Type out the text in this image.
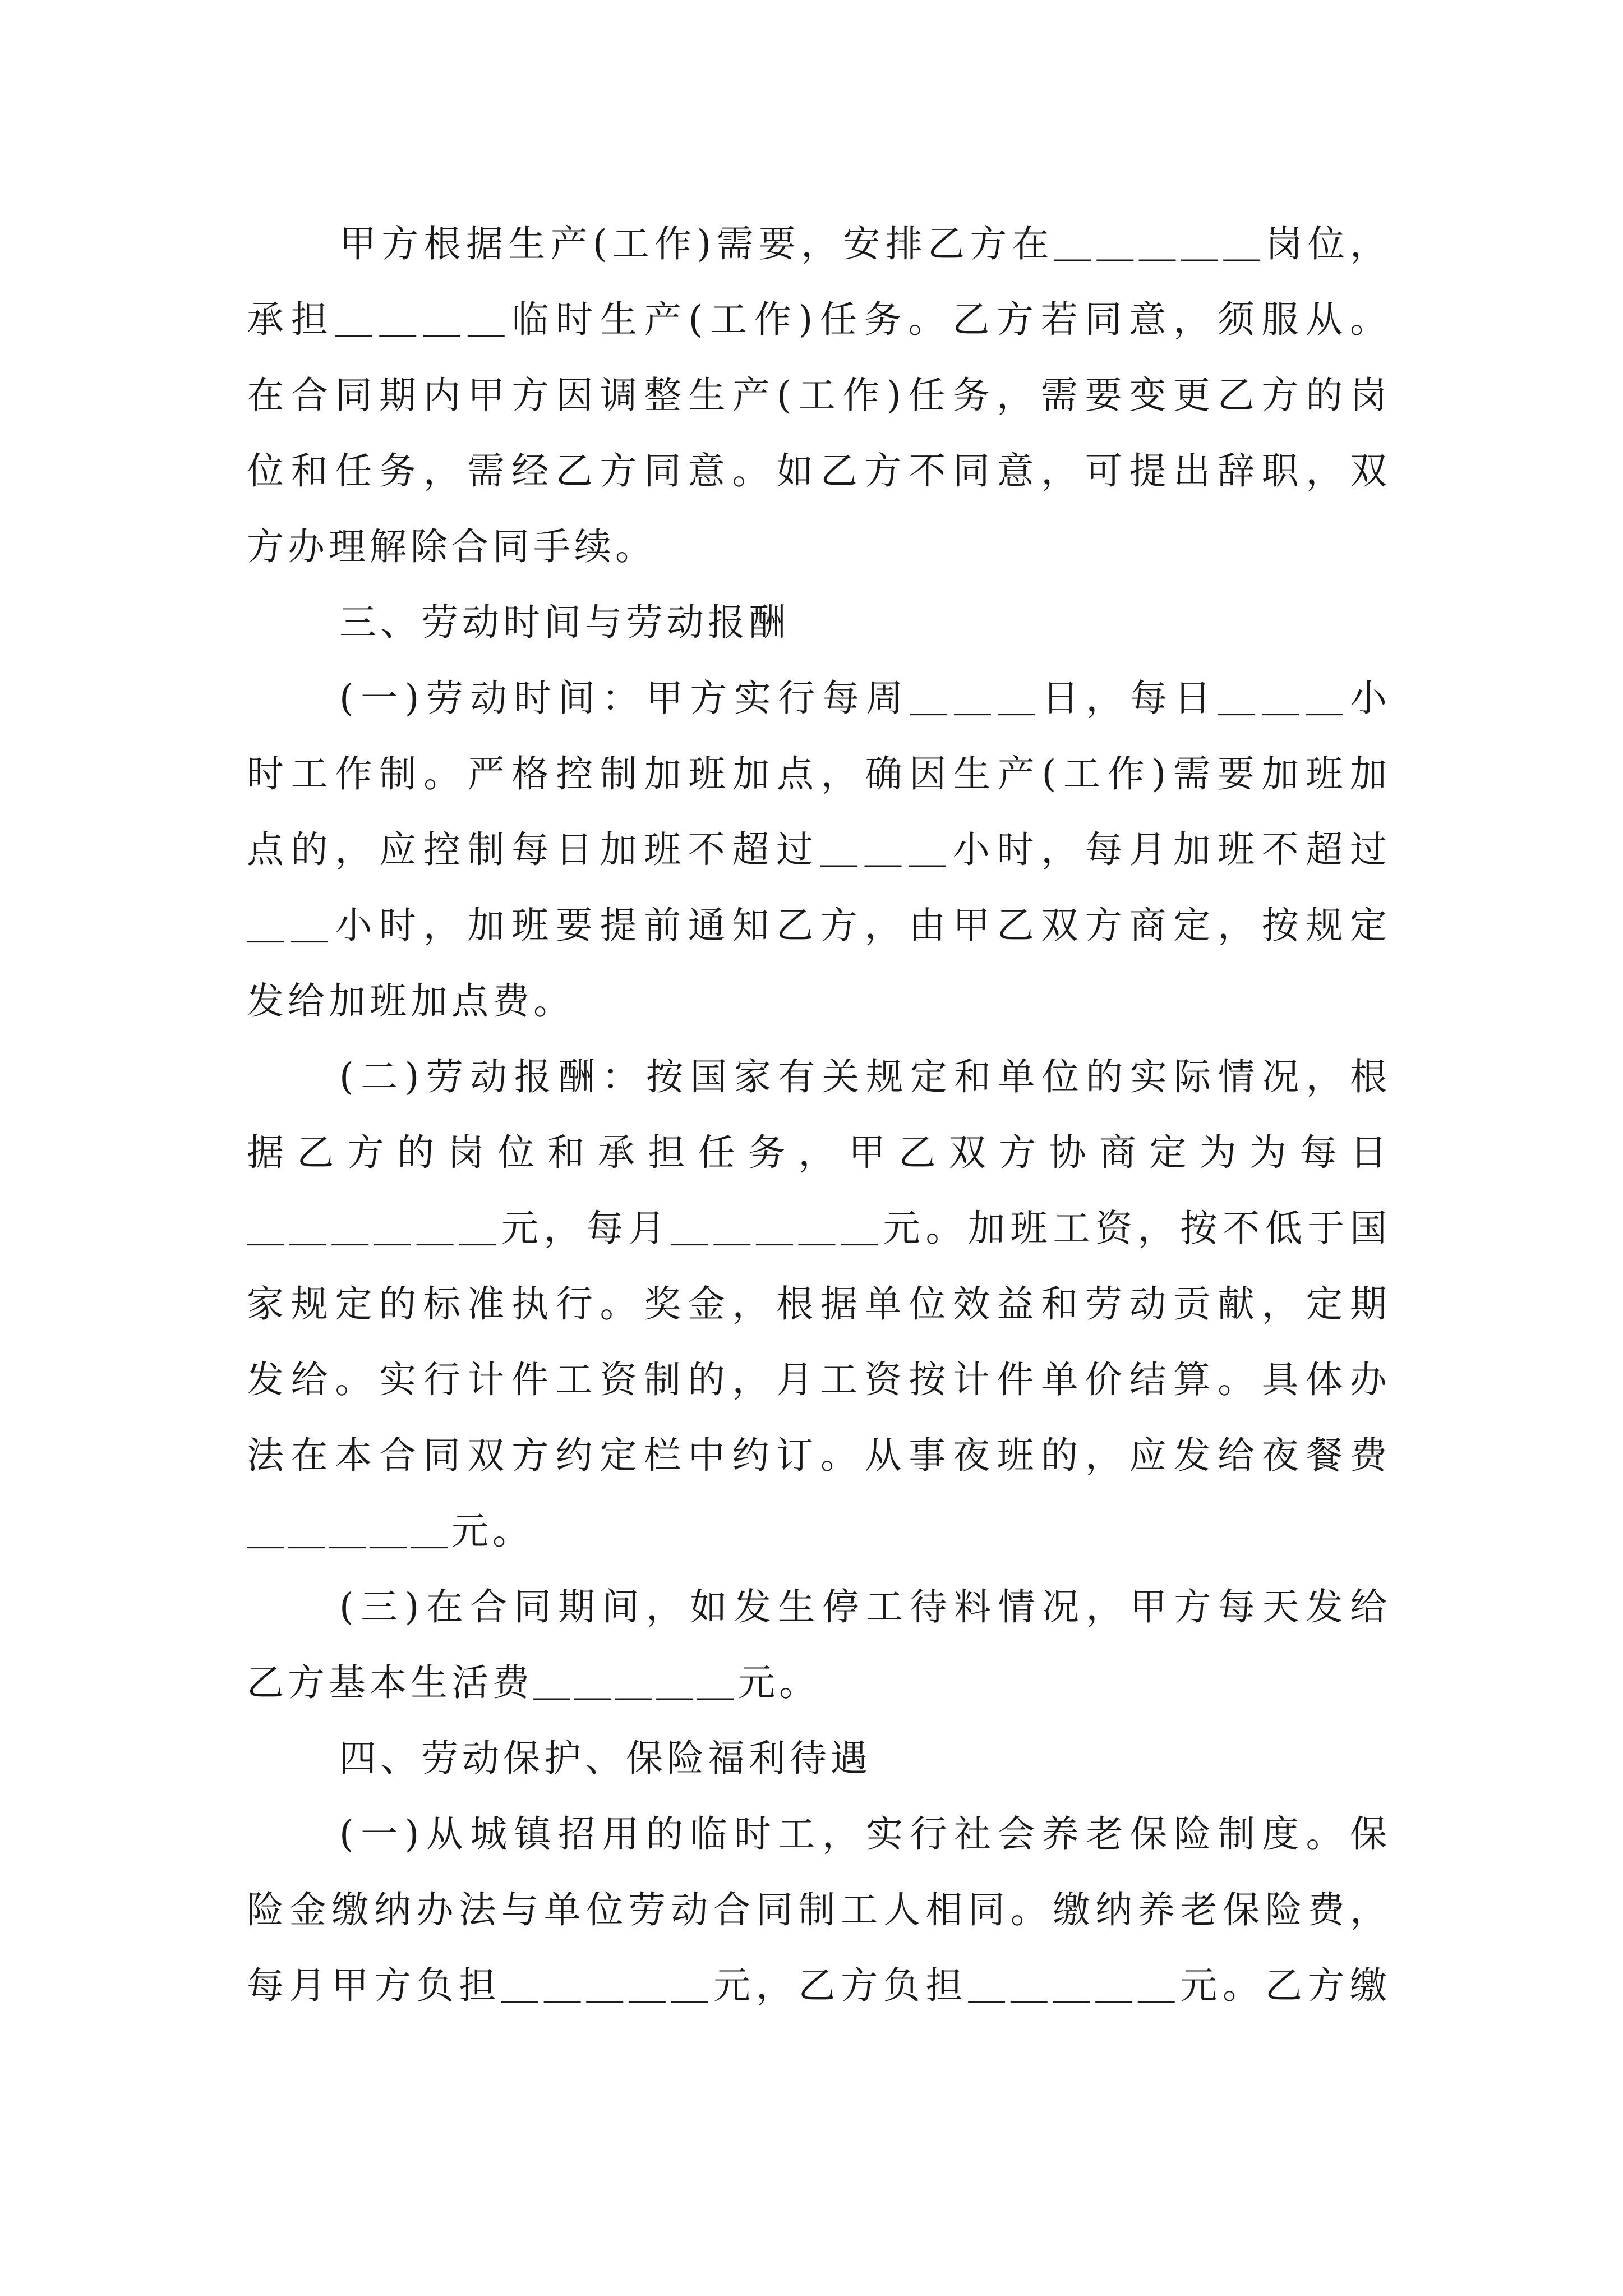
甲方根据生产(工作)需要，安排乙方在＿＿＿＿＿岗位，
承担＿＿＿＿临时生产(工作)任务。乙方若同意，须服从。
在合同期内甲方因调整生产(工作)任务，需要变更乙方的岗
位和任务，需经乙方同意。如乙方不同意，可提出辞职，双
方办理解除合同手续。
三、劳动时间与劳动报酬
(一)劳动时间：甲方实行每周＿＿＿日，每日＿＿＿小
时工作制。严格控制加班加点，确因生产(工作)需要加班加
点的，应控制每日加班不超过＿＿＿小时，每月加班不超过
＿＿小时，加班要提前通知乙方，由甲乙双方商定，按规定
发给加班加点费。
(二)劳动报酬：按国家有关规定和单位的实际情况，根
据乙方的岗位和承担任务，甲乙双方协商定为为每日
＿＿＿＿＿＿元，每月＿＿＿＿＿元。加班工资，按不低于国
家规定的标准执行。奖金，根据单位效益和劳动贡献，定期
发给。实行计件工资制的，月工资按计件单价结算。具体办
法在本合同双方约定栏中约订。从事夜班的，应发给夜餐费
＿＿＿＿＿元。
(三)在合同期间，如发生停工待料情况，甲方每天发给
乙方基本生活费＿＿＿＿＿元。
四、劳动保护、保险福利待遇
(一)从城镇招用的临时工，实行社会养老保险制度。保
险金缴纳办法与单位劳动合同制工人相同。缴纳养老保险费，
每月甲方负担＿＿＿＿＿元，乙方负担＿＿＿＿＿元。乙方缴
